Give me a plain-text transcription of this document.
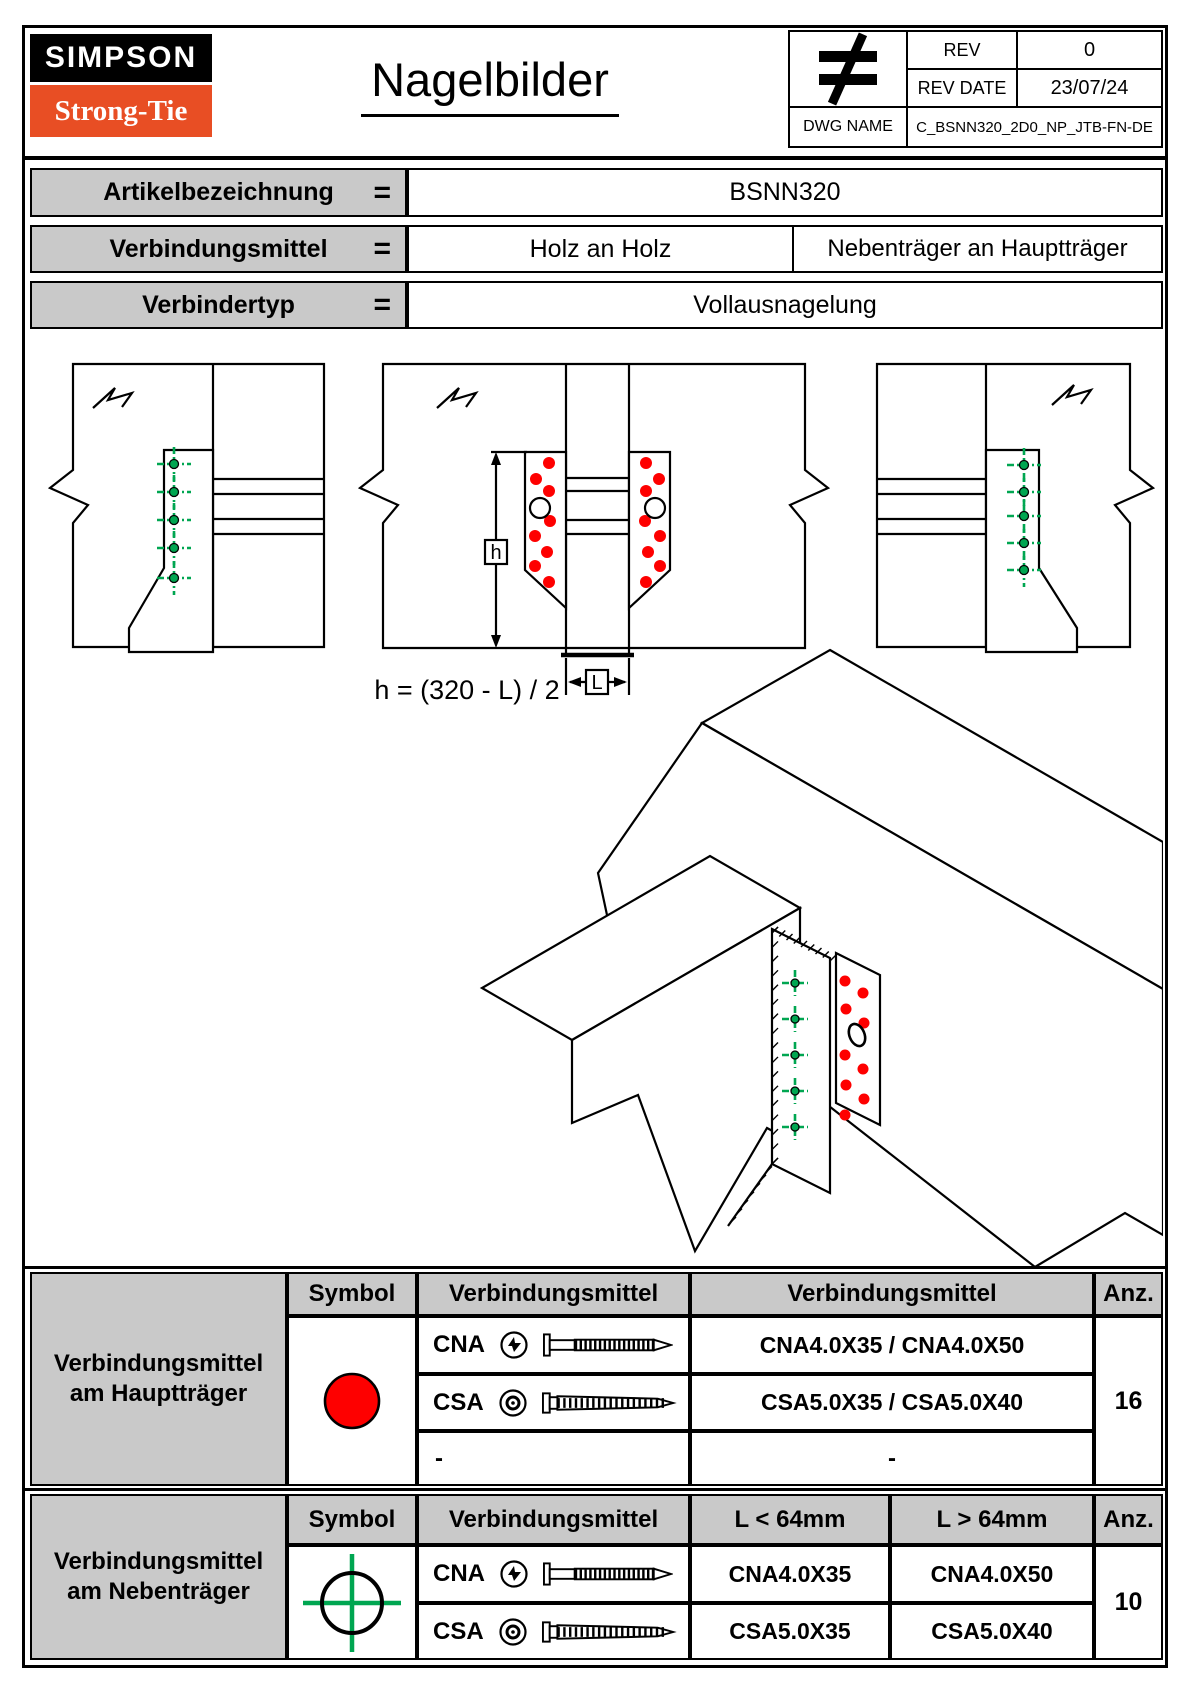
SIMPSON
Strong-Tie
Nagelbilder
REV	0
REV DATE	23/07/24
DWG NAME	C_BSNN320_2D0_NP_JTB-FN-DE
Artikelbezeichnung =	BSNN320
Verbindungsmittel =	Holz an Holz	Nebenträger an Hauptträger
Verbindertyp	=	Vollausnagelung
h
L
h = (320 - L) / 2
Verbindungsmittel
am Hauptträger
Symbol	Verbindungsmittel	Verbindungsmittel	Anz.
CNA	CNA4.0X35 / CNA4.0X50
CSA	CSA5.0X35 / CSA5.0X40
-	-
16
Verbindungsmittel
am Nebenträger
Symbol	Verbindungsmittel	L < 64mm	L > 64mm	Anz.
CNA	CNA4.0X35	CNA4.0X50
CSA	CSA5.0X35	CSA5.0X40
10
